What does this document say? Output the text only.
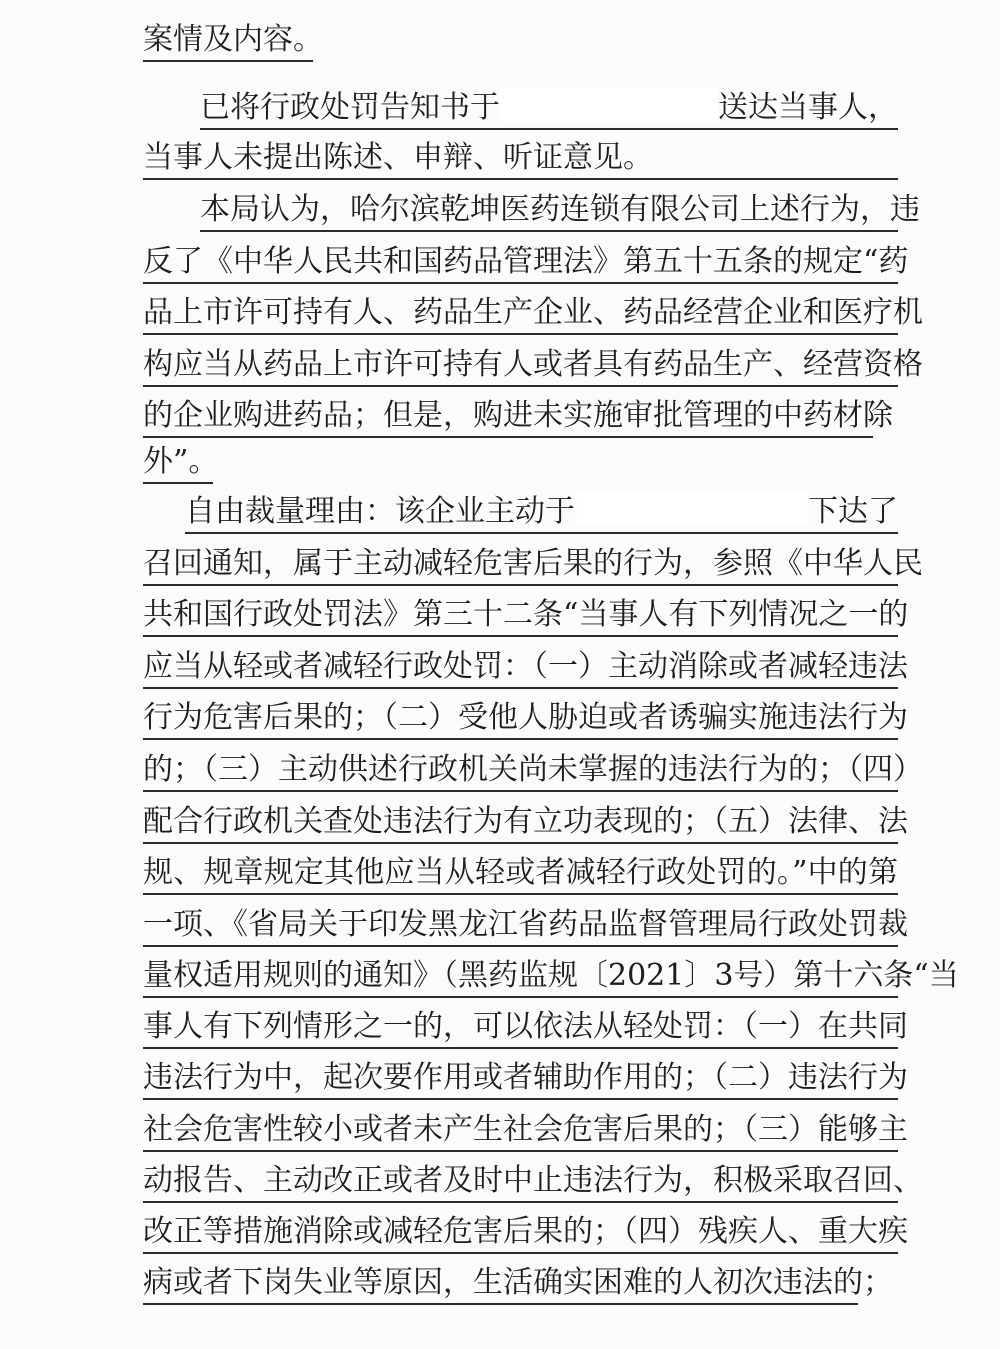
案情及内容。
已将行政处罚告知书于	送达当事人，
当事人未提出陈述、申辩、听证意见。
本局认为，哈尔滨乾坤医药连锁有限公司上述行为，违
反了《中华人民共和国药品管理法》第五十五条的规定“药
品上市许可持有人、药品生产企业、药品经营企业和医疗机
构应当从药品上市许可持有人或者具有药品生产、经营资格
的企业购进药品；但是，购进未实施审批管理的中药材除
外”。
自由裁量理由：该企业主动于	下达了
召回通知，属于主动减轻危害后果的行为，参照《中华人民
共和国行政处罚法》第三十二条“当事人有下列情况之一的
应当从轻或者减轻行政处罚：（一）主动消除或者减轻违法
行为危害后果的；（二）受他人胁迫或者诱骗实施违法行为
的；（三）主动供述行政机关尚未掌握的违法行为的；（四）
配合行政机关查处违法行为有立功表现的；（五）法律、法
规、规章规定其他应当从轻或者减轻行政处罚的。”中的第
一项、《省局关于印发黑龙江省药品监督管理局行政处罚裁
量权适用规则的通知》（黑药监规〔2021〕3号）第十六条“当
事人有下列情形之一的，可以依法从轻处罚：（一）在共同
违法行为中，起次要作用或者辅助作用的；（二）违法行为
社会危害性较小或者未产生社会危害后果的；（三）能够主
动报告、主动改正或者及时中止违法行为，积极采取召回、
改正等措施消除或减轻危害后果的；（四）残疾人、重大疾
病或者下岗失业等原因，生活确实困难的人初次违法的；
